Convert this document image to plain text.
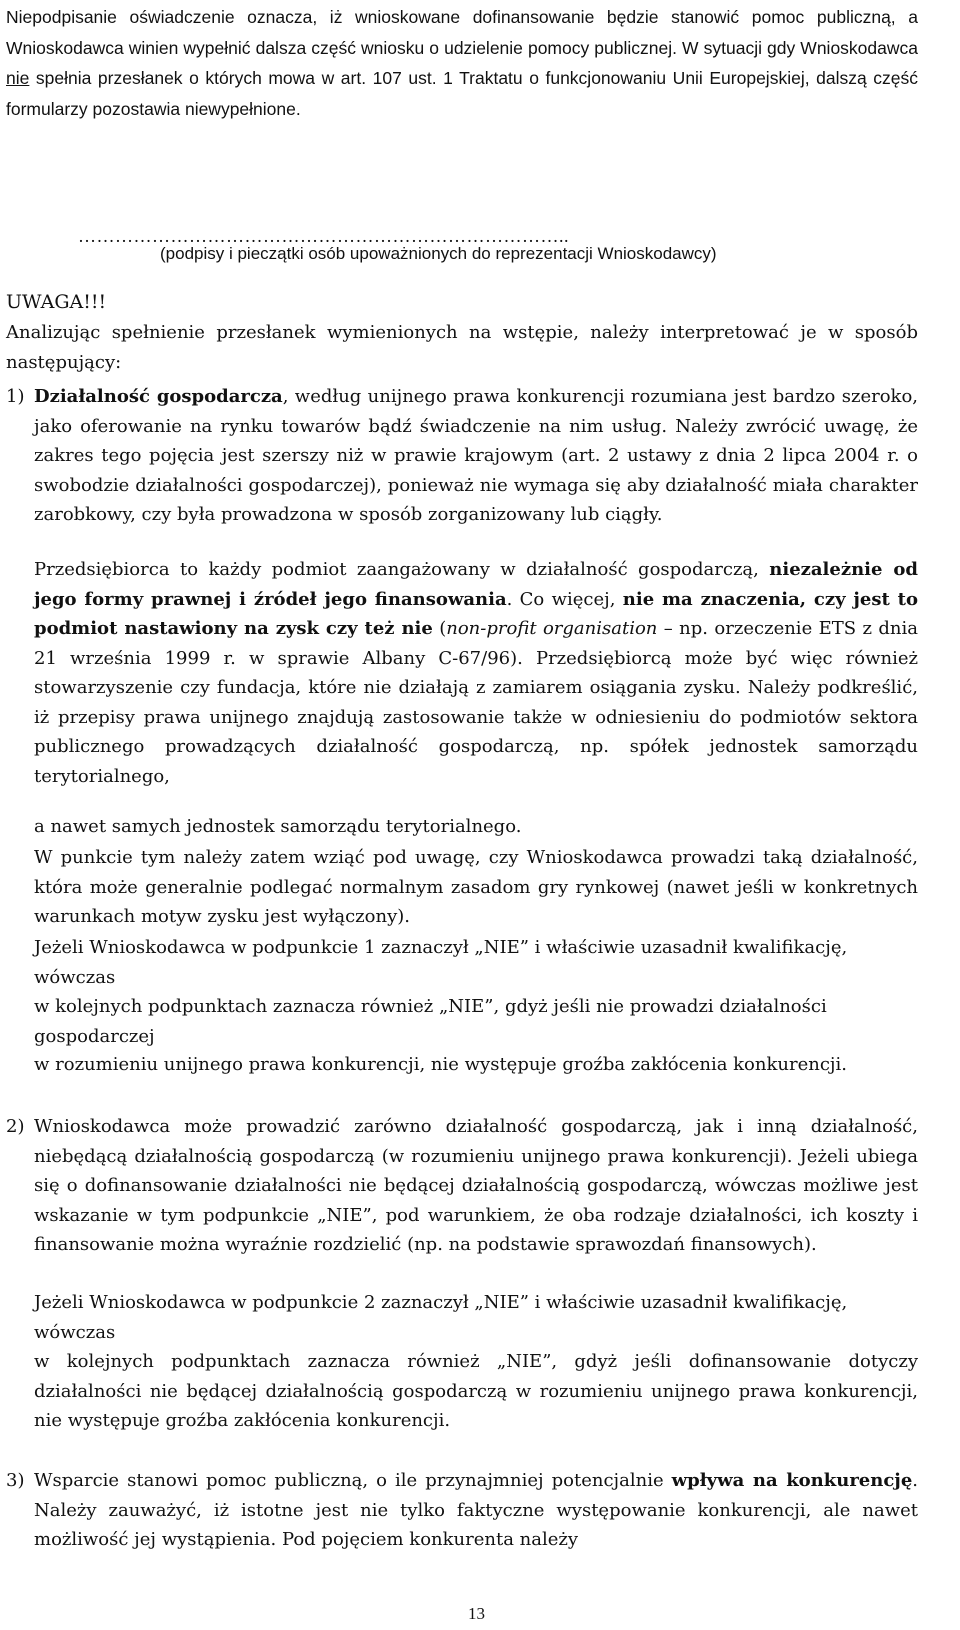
Niepodpisanie oświadczenie oznacza, iż wnioskowane dofinansowanie będzie stanowić pomoc publiczną, a Wnioskodawca winien wypełnić dalsza część wniosku o udzielenie pomocy publicznej. W sytuacji gdy Wnioskodawca nie spełnia przesłanek o których mowa w art. 107 ust. 1 Traktatu o funkcjonowaniu Unii Europejskiej, dalszą część formularzy pozostawia niewypełnione.
……………………………………………………………………..
(podpisy i pieczątki osób upoważnionych do reprezentacji Wnioskodawcy)
UWAGA!!!
Analizując spełnienie przesłanek wymienionych na wstępie, należy interpretować je w sposób następujący:
1) Działalność gospodarcza, według unijnego prawa konkurencji rozumiana jest bardzo szeroko, jako oferowanie na rynku towarów bądź świadczenie na nim usług. Należy zwrócić uwagę, że zakres tego pojęcia jest szerszy niż w prawie krajowym (art. 2 ustawy z dnia 2 lipca 2004 r. o swobodzie działalności gospodarczej), ponieważ nie wymaga się aby działalność miała charakter zarobkowy, czy była prowadzona w sposób zorganizowany lub ciągły.
Przedsiębiorca to każdy podmiot zaangażowany w działalność gospodarczą, niezależnie od jego formy prawnej i źródeł jego finansowania. Co więcej, nie ma znaczenia, czy jest to podmiot nastawiony na zysk czy też nie (non-profit organisation – np. orzeczenie ETS z dnia 21 września 1999 r. w sprawie Albany C-67/96). Przedsiębiorcą może być więc również stowarzyszenie czy fundacja, które nie działają z zamiarem osiągania zysku. Należy podkreślić, iż przepisy prawa unijnego znajdują zastosowanie także w odniesieniu do podmiotów sektora publicznego prowadzących działalność gospodarczą, np. spółek jednostek samorządu terytorialnego,
a nawet samych jednostek samorządu terytorialnego.
W punkcie tym należy zatem wziąć pod uwagę, czy Wnioskodawca prowadzi taką działalność, która może generalnie podlegać normalnym zasadom gry rynkowej (nawet jeśli w konkretnych warunkach motyw zysku jest wyłączony).
Jeżeli Wnioskodawca w podpunkcie 1 zaznaczył „NIE” i właściwie uzasadnił kwalifikację, wówczas
w kolejnych podpunktach zaznacza również „NIE”, gdyż jeśli nie prowadzi działalności gospodarczej
w rozumieniu unijnego prawa konkurencji, nie występuje groźba zakłócenia konkurencji.
2) Wnioskodawca może prowadzić zarówno działalność gospodarczą, jak i inną działalność, niebędącą działalnością gospodarczą (w rozumieniu unijnego prawa konkurencji). Jeżeli ubiega się o dofinansowanie działalności nie będącej działalnością gospodarczą, wówczas możliwe jest wskazanie w tym podpunkcie „NIE”, pod warunkiem, że oba rodzaje działalności, ich koszty i finansowanie można wyraźnie rozdzielić (np. na podstawie sprawozdań finansowych).
Jeżeli Wnioskodawca w podpunkcie 2 zaznaczył „NIE” i właściwie uzasadnił kwalifikację, wówczas
w kolejnych podpunktach zaznacza również „NIE”, gdyż jeśli dofinansowanie dotyczy działalności nie będącej działalnością gospodarczą w rozumieniu unijnego prawa konkurencji, nie występuje groźba zakłócenia konkurencji.
3) Wsparcie stanowi pomoc publiczną, o ile przynajmniej potencjalnie wpływa na konkurencję. Należy zauważyć, iż istotne jest nie tylko faktyczne występowanie konkurencji, ale nawet możliwość jej wystąpienia. Pod pojęciem konkurenta należy
13
